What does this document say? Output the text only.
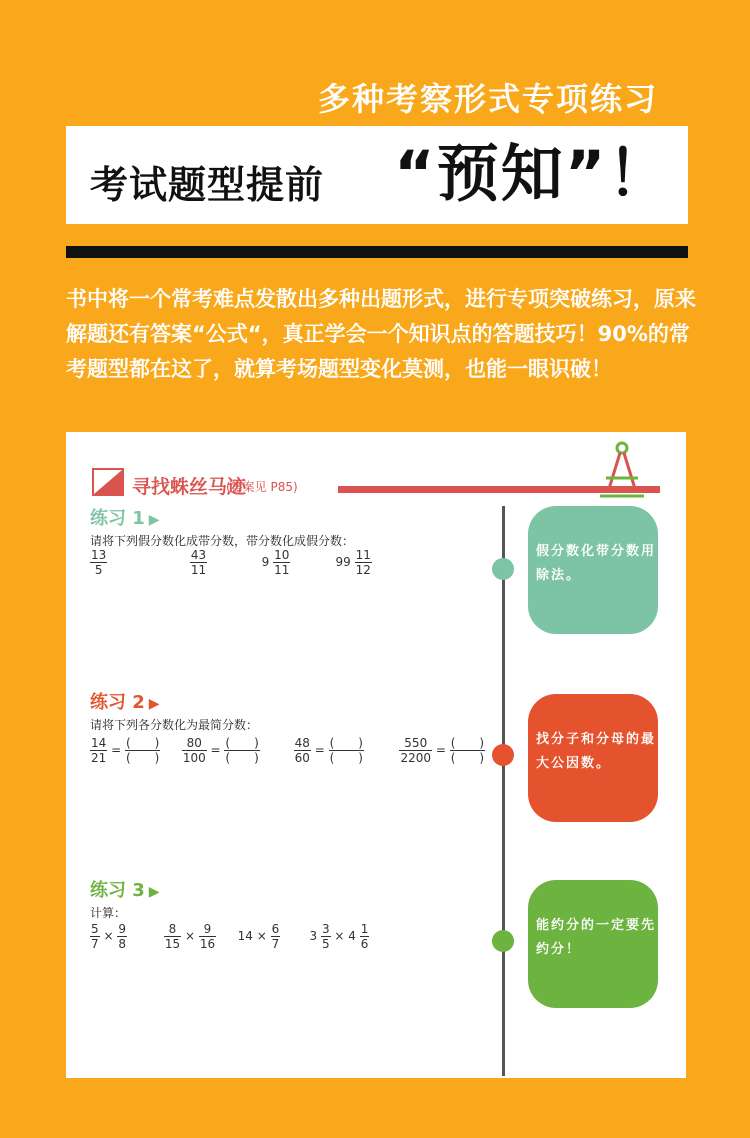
多种考察形式专项练习
考试题型提前 “预知”！
书中将一个常考难点发散出多种出题形式，进行专项突破练习，原来解题还有答案“公式“，真正学会一个知识点的答题技巧！90%的常考题型都在这了，就算考场题型变化莫测，也能一眼识破！
寻找蛛丝马迹
(答案见 P85)
练习 1 ▶
请将下列假分数化成带分数，带分数化成假分数：
$\frac{13}{5}$
	$\frac{43}{11}$	$9 \frac{10}{11}$	$99 \frac{11}{12}$	假分数化带分数用除法。
练习 2 ▶
请将下列各分数化为最简分数：
$\frac{14}{21}$ = (　　)
(　　)
$\frac{80}{100}$ = (　　)
(　　)
	$\frac{48}{60}$ = (　　)
(　　)
	$\frac{550}{2200}$ = (　　)
(　　)
找分子和分母的最大公因数。
练习 3 ▶
计算：
$\frac{5}{7} \times \frac{9}{8}$
	$\frac{8}{15} \times \frac{9}{16} 14 \times \frac{6}{7} 3 \frac{3}{5} \times 4 \frac{1}{6}$	能约分的一定要先约分！
